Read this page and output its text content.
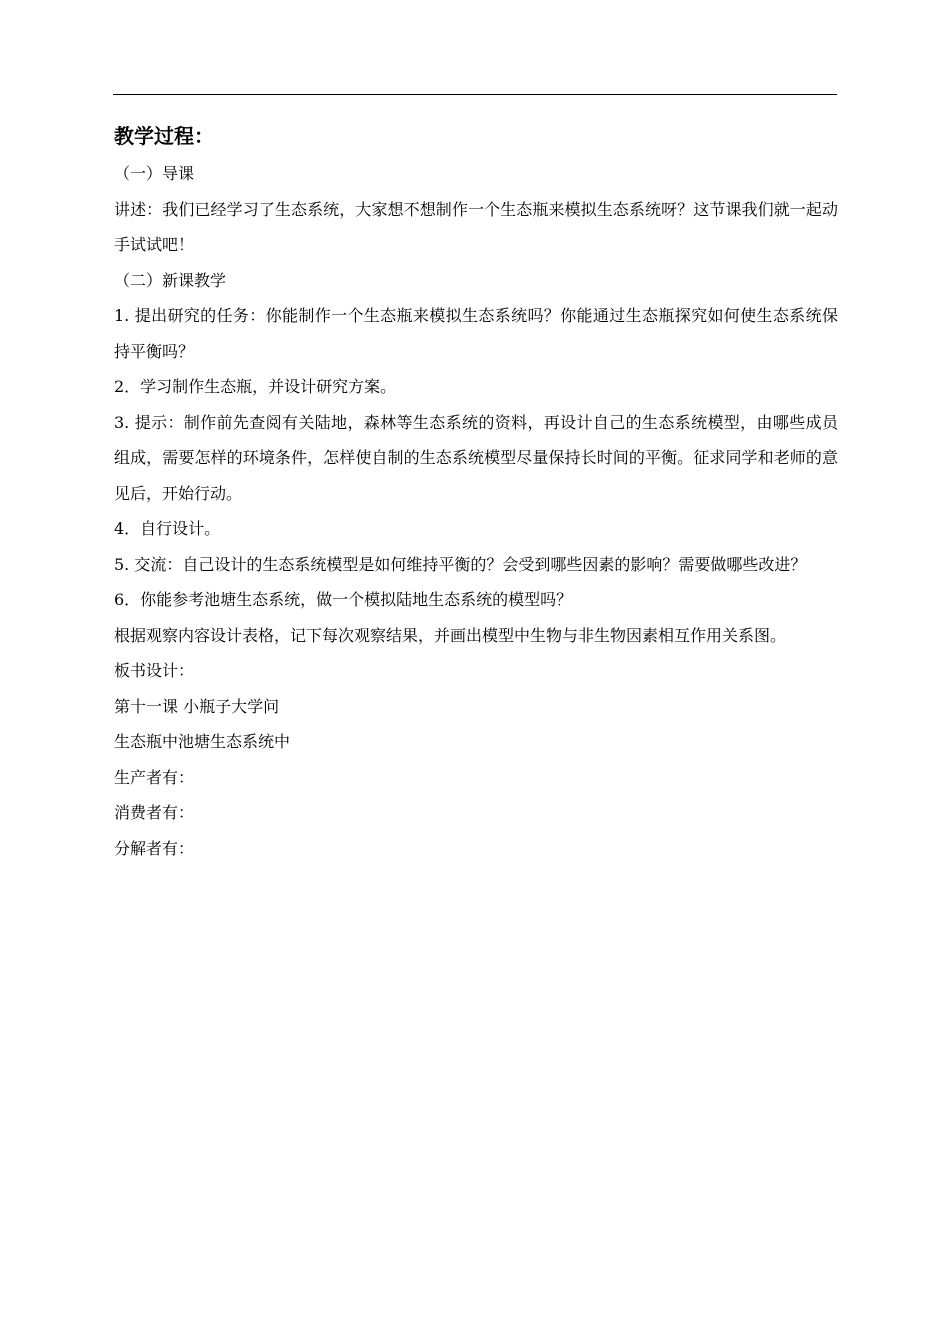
教学过程：
（一）导课
讲述：我们已经学习了生态系统，大家想不想制作一个生态瓶来模拟生态系统呀？这节课我们就一起动手试试吧！
（二）新课教学
1. 提出研究的任务：你能制作一个生态瓶来模拟生态系统吗？你能通过生态瓶探究如何使生态系统保持平衡吗？
2．学习制作生态瓶，并设计研究方案。
3. 提示：制作前先查阅有关陆地，森林等生态系统的资料，再设计自己的生态系统模型，由哪些成员组成，需要怎样的环境条件，怎样使自制的生态系统模型尽量保持长时间的平衡。征求同学和老师的意见后，开始行动。
4．自行设计。
5. 交流：自己设计的生态系统模型是如何维持平衡的？会受到哪些因素的影响？需要做哪些改进？
6．你能参考池塘生态系统，做一个模拟陆地生态系统的模型吗？
根据观察内容设计表格，记下每次观察结果，并画出模型中生物与非生物因素相互作用关系图。
板书设计：
第十一课 小瓶子大学问
生态瓶中池塘生态系统中
生产者有：
消费者有：
分解者有：
